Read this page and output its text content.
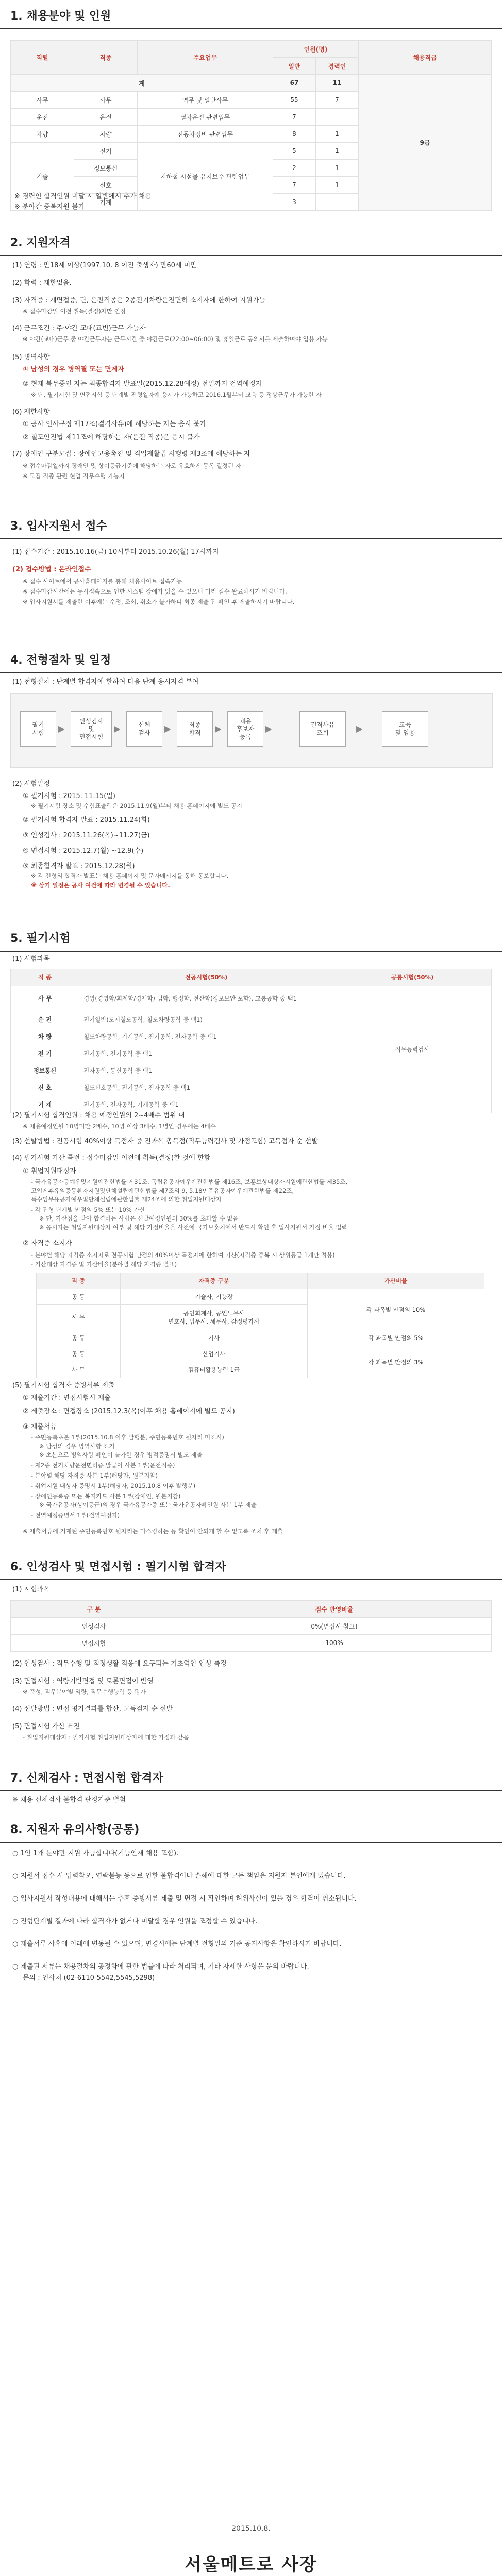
1. 채용분야 및 인원
직렬	직종	주요업무	인원(명)		채용직급
			일반	경력인	
계			67	11	9급
사무	사무	역무 및 일반사무	55	7	
운전	운전	열차운전 관련업무	7	-	
차량	차량	전동차정비 관련업무	8	1	
기술	전기	지하철 시설물 유지보수 관련업무	5	1	
	정보통신		2	1	
	신호		7	1	
	기계		3	-	
※ 경력인 합격인원 미달 시 일반에서 추가 채용
※ 분야간 중복지원 불가
2. 지원자격
(1) 연령 : 만18세 이상(1997.10. 8 이전 출생자) 만60세 미만
(2) 학력 : 제한없음.
(3) 자격증 : 계면접증, 단, 운전직종은 2종전기차량운전면허 소지자에 한하여 지원가능
※ 접수마감일 이전 취득(결정)자만 인정
(4) 근무조건 : 주·야간 교대(교번)근무 가능자
※ 야간(교대)근무 중 야간근무자는 근무시간 중 야간근로(22:00~06:00) 및 휴일근로 동의서를 제출하여야 입용 가능
(5) 병역사항
① 남성의 경우 병역필 또는 면제자
② 현재 복무중인 자는 최종합격자 발표일(2015.12.28예정) 전일까지 전역예정자
※ 단, 필기시험 및 면접시험 등 단계별 전형일자에 응시가 가능하고 2016.1월부터 교육 등 정상근무가 가능한 자
(6) 제한사항
① 공사 인사규정 제17조(결격사유)에 해당하는 자는 응시 불가
② 철도안전법 제11조에 해당하는 자(운전 직종)은 응시 불가
(7) 장애인 구분모집 : 장애인고용촉진 및 직업재활법 시행령 제3조에 해당하는 자
※ 접수마감일까지 장애인 및 상이등급기준에 해당하는 자로 유효하게 등록 결정된 자
※ 모집 직종 관련 현업 직무수행 가능자
3. 입사지원서 접수
(1) 접수기간 : 2015.10.16(금) 10시부터 2015.10.26(월) 17시까지
(2) 접수방법 : 온라인접수
※ 접수 사이트에서 공사홈페이지를 통해 채용사이트 접속가능
※ 접수마감시간에는 동시접속으로 인한 시스템 장애가 있을 수 있으니 미리 접수 완료하시기 바랍니다.
※ 입사지원서를 제출한 이후에는 수정, 조회, 취소가 불가하니 최종 제출 전 확인 후 제출하시기 바랍니다.
4. 전형절차 및 일정
(1) 전형절차 : 단계별 합격자에 한하여 다음 단계 응시자격 부여
필기
시험 ▶
인성검사
및
면접시험
▶	신체
검사 ▶	최종
합격 ▶
채용
후보자
등록
▶	결격사유
조회	▶	교육
및 임용
(2) 시험일정
① 필기시험 : 2015. 11.15(일)
※ 필기시험 장소 및 수험표출력은 2015.11.9(월)부터 채용 홈페이지에 별도 공지
② 필기시험 합격자 발표 : 2015.11.24(화)
③ 인성검사 : 2015.11.26(목)~11.27(금)
④ 면접시험 : 2015.12.7(월) ~12.9(수)
⑤ 최종합격자 발표 : 2015.12.28(월)
※ 각 전형의 합격자 발표는 채용 홈페이지 및 문자메시지를 통해 통보합니다.
※ 상기 일정은 공사 여건에 따라 변경될 수 있습니다.
5. 필기시험
(1) 시험과목
직 종	전공시험(50%)	공통시험(50%)
사 무	경영(경영학/회계학/경제학) 법학, 행정학, 전산학(정보보안 포함), 교통공학 중 택1	직무능력검사
운 전	전기일반(도시철도공학, 철도차량공학 중 택1)	
차 량	철도차량공학, 기계공학, 전기공학, 전자공학 중 택1	
전 기	전기공학, 전기공학 중 택1	
정보통신	전자공학, 통신공학 중 택1	
신 호	철도신호공학, 전기공학, 전자공학 중 택1	
기 계	전기공학, 전자공학, 기계공학 중 택1	
(2) 필기시험 합격인원 : 채용 예정인원의 2~4배수 범위 내
※ 채용예정인원 10명미만 2배수, 10명 이상 3배수, 1명인 경우에는 4배수
(3) 선발방법 : 전공시험 40%이상 득점자 중 전과목 총득점(직무능력검사 및 가점포함) 고득점자 순 선발
(4) 필기시험 가산 특전 : 접수마감일 이전에 취득(결정)한 것에 한함
① 취업지원대상자
- 국가유공자등예우및지원에관한법률 제31조, 독립유공자예우에관한법률 제16조, 보훈보상대상자지원에관한법률 제35조,
고엽제후유의증등환자지원및단체설립에관한법률 제7조의 9, 5.18민주유공자예우에관한법률 제22조,
특수임무유공자예우및단체설립에관한법률 제24조에 의한 취업지원대상자
- 각 전형 단계별 만점의 5% 또는 10% 가산
※ 단, 가산점을 받아 합격하는 사람은 선발예정인원의 30%를 초과할 수 없음
※ 응시자는 취업지원대상자 여부 및 해당 가점비율을 사전에 국가보훈처에서 반드시 확인 후 입사지원서 가점 비율 입력
② 자격증 소지자
- 분야별 해당 자격증 소지자로 전공시험 만점의 40%이상 득점자에 한하여 가산(자격증 중복 시 상위등급 1개만 적용)
- 기산대상 자격증 및 가산비율(분야별 해당 자격증 별표)
직 종	자격증 구분	가산비율
공 통	기술사, 기능장	각 과목별 만점의 10%
사 무	공인회계사, 공인노무사
변호사, 법무사, 세무사, 감정평가사	
공 통	기사	각 과목별 만점의 5%
공 통	산업기사	각 과목별 만점의 3%
사 무	컴퓨터활용능력 1급	
(5) 필기시험 합격자 증빙서류 제출
① 제출기간 : 면접시험시 제출
② 제출장소 : 면접장소 (2015.12.3(목)이후 채용 홈페이지에 별도 공지)
③ 제출서류
- 주민등록초본 1부(2015.10.8 이후 발행분, 주민등록번호 뒷자리 미표시)
※ 남성의 경우 병역사항 표기
※ 초본으로 병역사항 확인이 불가한 경우 병적증명서 별도 제출
- 제2종 전기차량운전면허증 발급이 사본 1부(운전직종)
- 분야별 해당 자격증 사본 1부(해당자, 원본지참)
- 취업지원 대상자 증명서 1부(해당자, 2015.10.8 이후 발행분)
- 장애인등록증 또는 복지카드 사본 1부(장애인, 원본지참)
※ 국가유공자(상이등급)의 경우 국가유공자증 또는 국가유공자확인원 사본 1부 제출
- 전역예정증명서 1부(전역예정자)
※ 제출서류에 기재된 주민등록번호 뒷자리는 마스킹하는 등 확인이 안되게 할 수 없도록 조치 후 제출
6. 인성검사 및 면접시험 : 필기시험 합격자
(1) 시험과목
구 분	점수 반영비율
인성검사	0%(면접시 참고)
면접시험	100%
(2) 인성검사 : 직무수행 및 적정생활 적응에 요구되는 기초역인 인성 측정
(3) 면접시험 : 역량기반면접 및 토론면접이 반영
※ 품성, 직무분야별 역량, 직무수행능력 등 평가
(4) 선발방법 : 면접 평가결과를 합산, 고득점자 순 선발
(5) 면접시험 가산 특전
- 취업지원대상자 : 필기시험 취업지원대상자에 대한 가점과 같음
7. 신체검사 : 면접시험 합격자
※ 채용 신체검사 불합격 판정기준 별첨
8. 지원자 유의사항(공통)
○ 1인 1개 분야만 지원 가능합니다(기능인재 채용 포함).
○ 지원서 접수 시 입력착오, 연락불능 등으로 인한 불합격이나 손해에 대한 모든 책임은 지원자 본인에게 있습니다.
○ 입사지원서 작성내용에 대해서는 추후 증빙서류 제출 및 면접 시 확인하며 허위사실이 있을 경우 합격이 취소됩니다.
○ 전형단계별 결과에 따라 합격자가 없거나 미달할 경우 인원을 조정할 수 있습니다.
○ 제출서류 사후에 이래에 변동될 수 있으며, 변경시에는 단계별 전형일의 기준 공지사항을 확인하시기 바랍니다.
○ 제출된 서류는 채용절차의 공정화에 관한 법률에 따라 처리되며, 기타 자세한 사항은 문의 바랍니다.
문의 : 인사처 (02-6110-5542,5545,5298)
2015.10.8.
서울메트로 사장
